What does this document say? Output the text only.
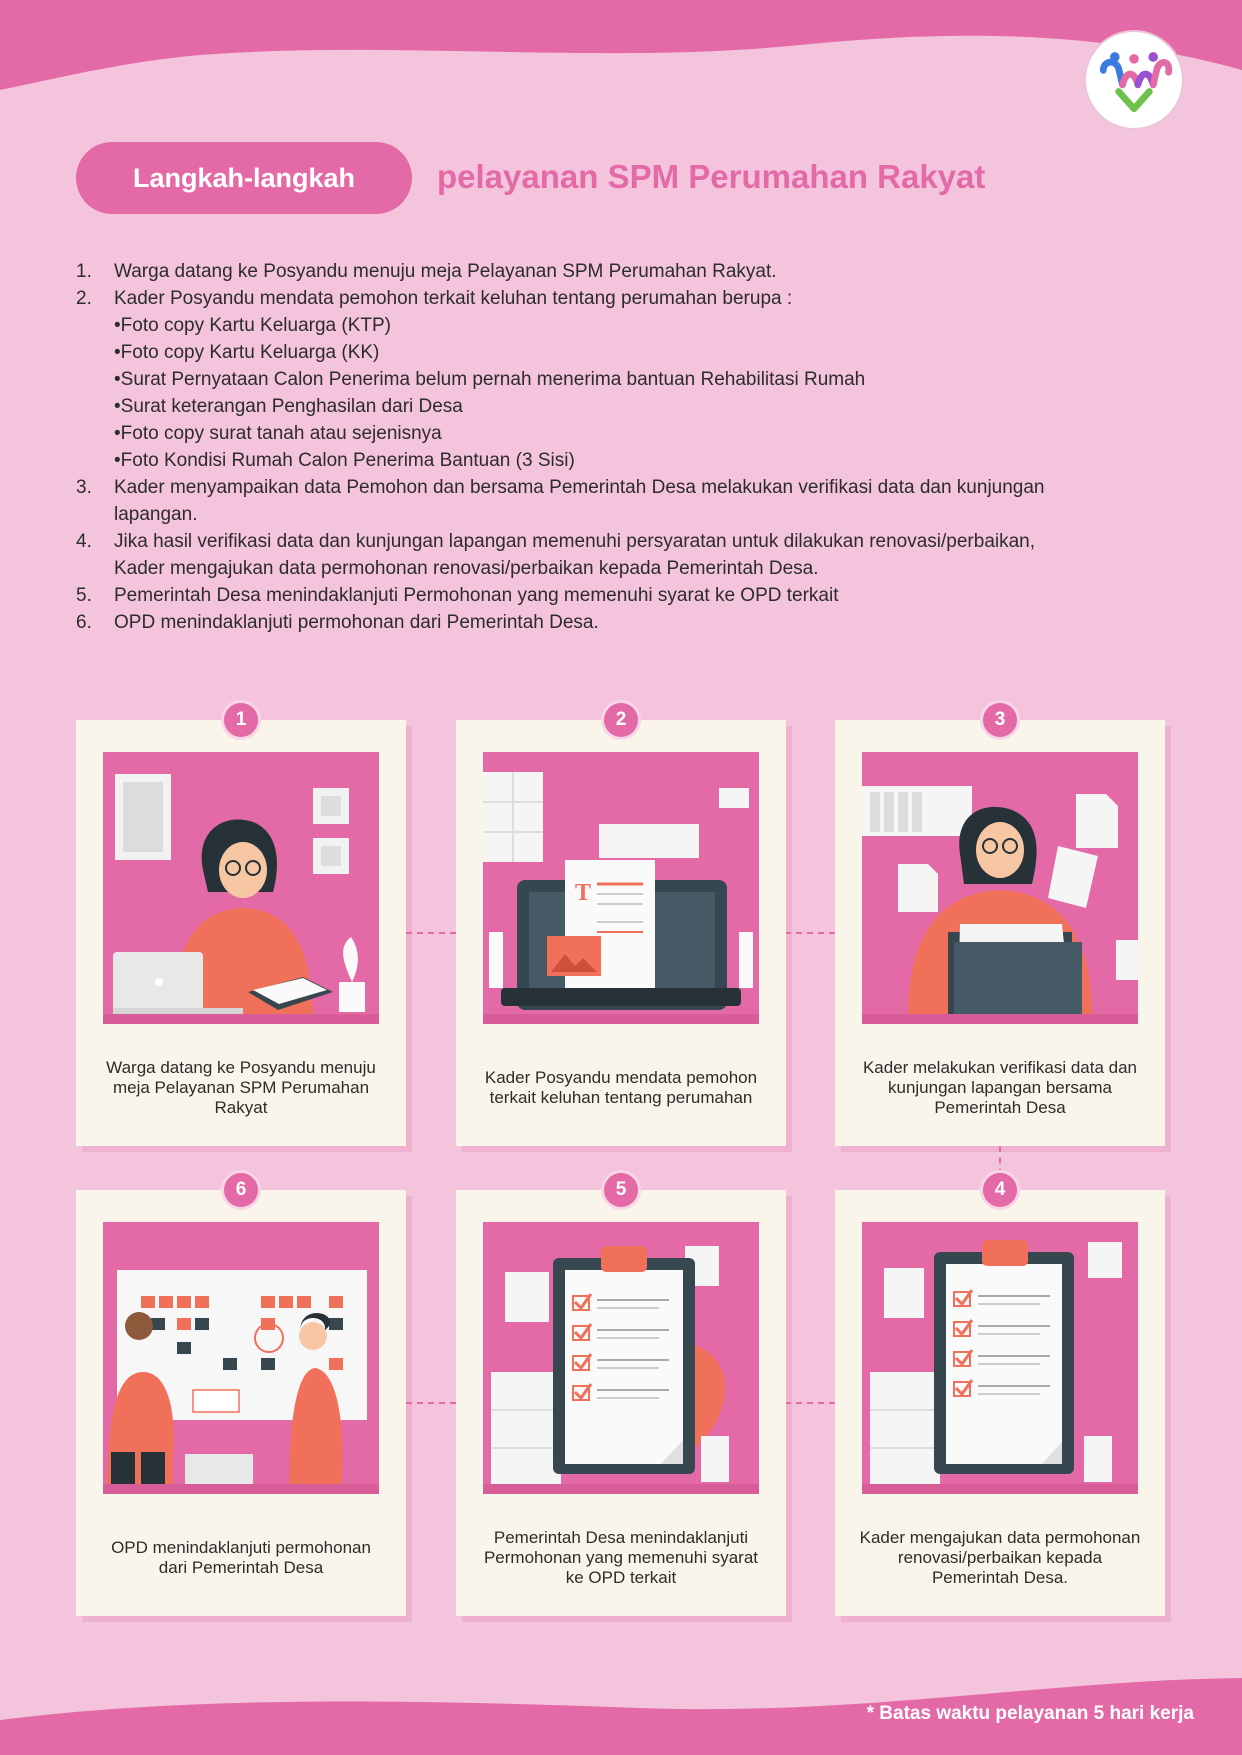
Langkah-langkah	pelayanan SPM Perumahan Rakyat
1.	Warga datang ke Posyandu menuju meja Pelayanan SPM Perumahan Rakyat.
2.	Kader Posyandu mendata pemohon terkait keluhan tentang perumahan berupa :
•Foto copy Kartu Keluarga (KTP)
•Foto copy Kartu Keluarga (KK)
•Surat Pernyataan Calon Penerima belum pernah menerima bantuan Rehabilitasi Rumah
•Surat keterangan Penghasilan dari Desa
•Foto copy surat tanah atau sejenisnya
•Foto Kondisi Rumah Calon Penerima Bantuan (3 Sisi)
3.	Kader menyampaikan data Pemohon dan bersama Pemerintah Desa melakukan verifikasi data dan kunjungan
lapangan.
4.	Jika hasil verifikasi data dan kunjungan lapangan memenuhi persyaratan untuk dilakukan renovasi/perbaikan,
Kader mengajukan data permohonan renovasi/perbaikan kepada Pemerintah Desa.
5.	Pemerintah Desa menindaklanjuti Permohonan yang memenuhi syarat ke OPD terkait
6.	OPD menindaklanjuti permohonan dari Pemerintah Desa.
1
Warga datang ke Posyandu menuju meja Pelayanan SPM Perumahan Rakyat
2
T
Kader Posyandu mendata pemohon terkait keluhan tentang perumahan
3
Kader melakukan verifikasi data dan kunjungan lapangan bersama Pemerintah Desa
6
OPD menindaklanjuti permohonan dari Pemerintah Desa
5
Pemerintah Desa menindaklanjuti Permohonan yang memenuhi syarat ke OPD terkait
4
Kader mengajukan data permohonan renovasi/perbaikan kepada Pemerintah Desa.
* Batas waktu pelayanan 5 hari kerja
